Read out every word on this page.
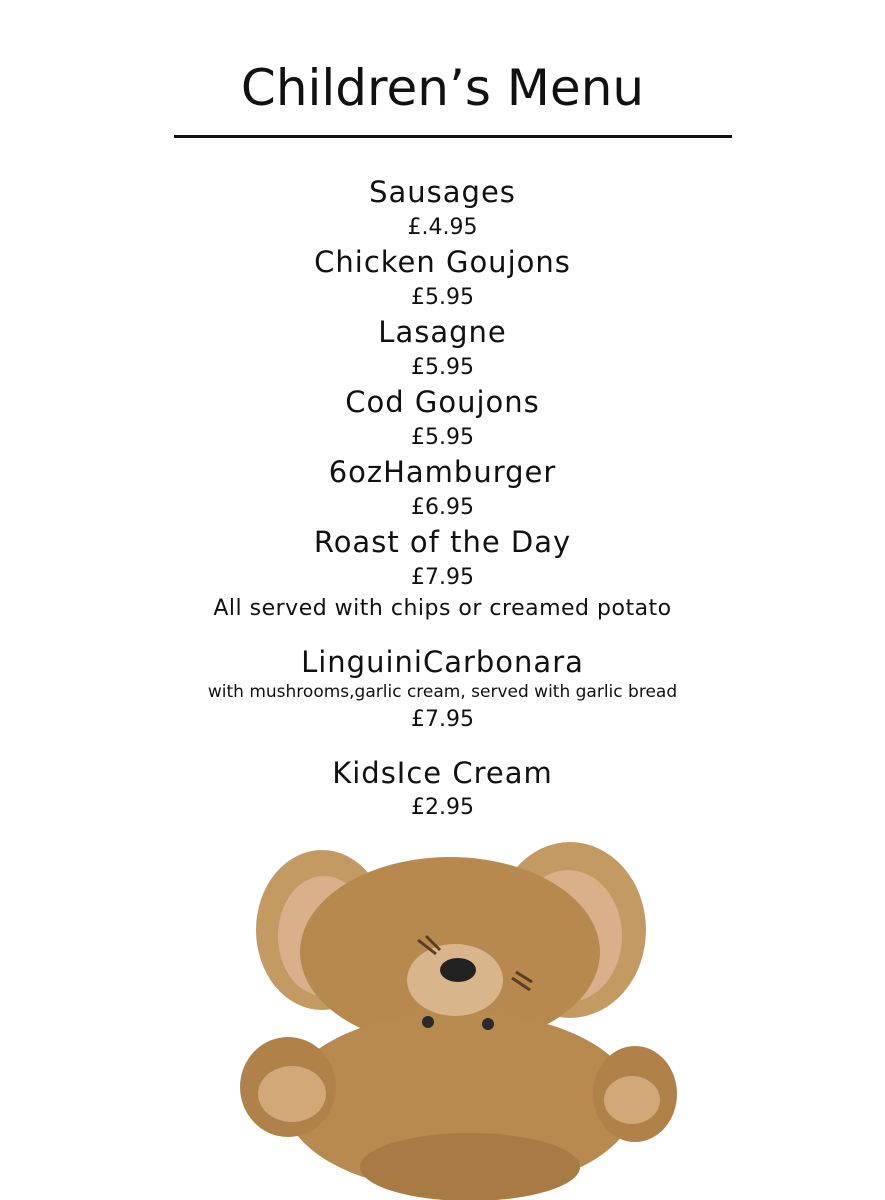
Children’s Menu
Sausages
£.4.95
Chicken Goujons
£5.95
Lasagne
£5.95
Cod Goujons
£5.95
6ozHamburger
£6.95
Roast of the Day
£7.95
All served with chips or creamed potato
LinguiniCarbonara
with mushrooms,garlic cream, served with garlic bread
£7.95
KidsIce Cream
£2.95
